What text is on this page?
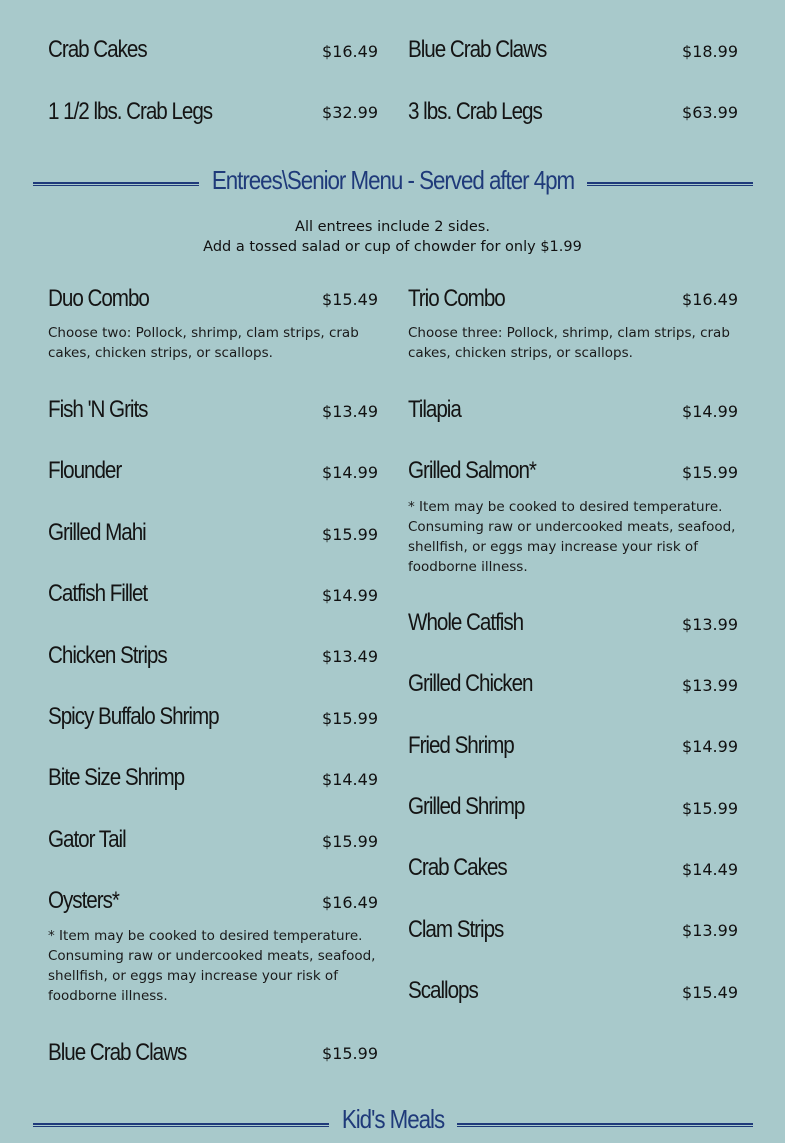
Crab Cakes	$16.49 Blue Crab Claws	$18.99
1 1/2 lbs. Crab Legs	$32.99 3 lbs. Crab Legs	$63.99
Entrees\Senior Menu - Served after 4pm
All entrees include 2 sides.
Add a tossed salad or cup of chowder for only $1.99
Duo Combo	$15.49
Choose two: Pollock, shrimp, clam strips, crab cakes, chicken strips, or scallops.
Fish 'N Grits	$13.49
Flounder	$14.99
Grilled Mahi	$15.99
Catfish Fillet	$14.99
Chicken Strips	$13.49
Spicy Buffalo Shrimp	$15.99
Bite Size Shrimp	$14.49
Gator Tail	$15.99
Oysters*	$16.49
* Item may be cooked to desired temperature. Consuming raw or undercooked meats, seafood, shellfish, or eggs may increase your risk of foodborne illness.
Blue Crab Claws	$15.99
Trio Combo	$16.49
Choose three: Pollock, shrimp, clam strips, crab cakes, chicken strips, or scallops.
Tilapia	$14.99
Grilled Salmon*	$15.99
* Item may be cooked to desired temperature. Consuming raw or undercooked meats, seafood, shellfish, or eggs may increase your risk of foodborne illness.
Whole Catfish	$13.99
Grilled Chicken	$13.99
Fried Shrimp	$14.99
Grilled Shrimp	$15.99
Crab Cakes	$14.49
Clam Strips	$13.99
Scallops	$15.49
Kid's Meals
